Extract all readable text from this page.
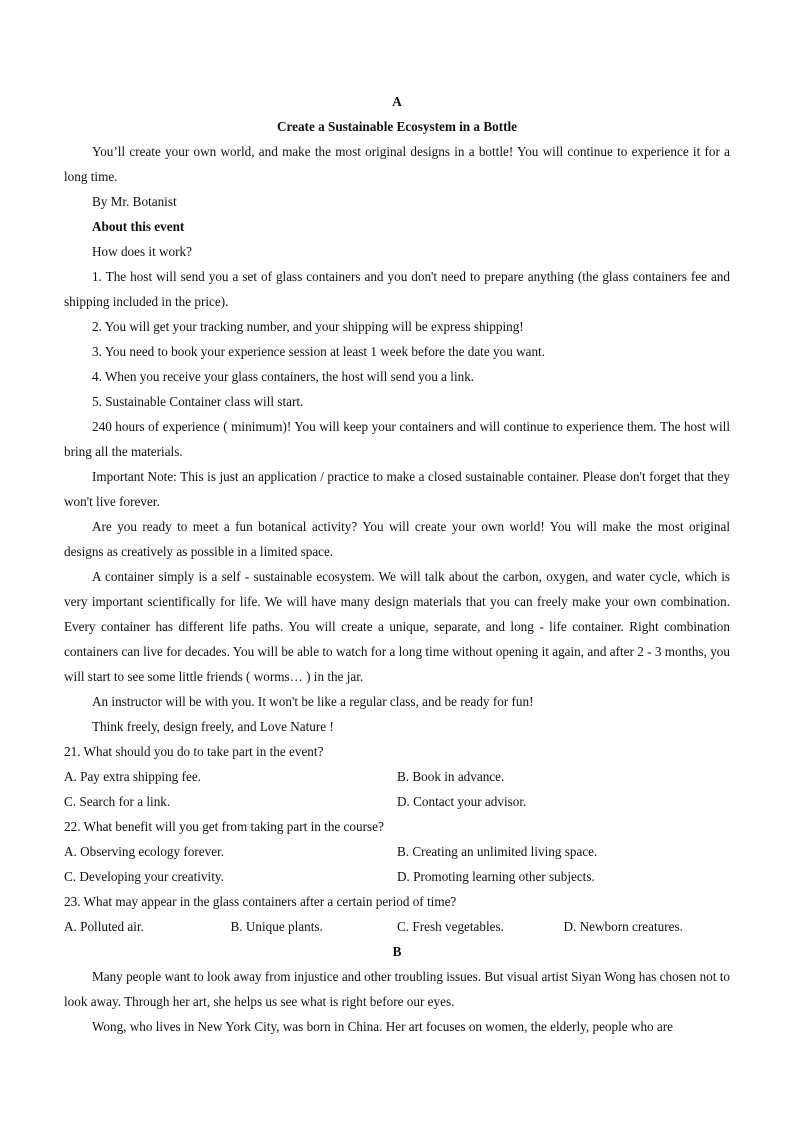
A

Create a Sustainable Ecosystem in a Bottle

You’ll create your own world, and make the most original designs in a bottle! You will continue to experience it for a long time.

By Mr. Botanist

About this event

How does it work?

1. The host will send you a set of glass containers and you don't need to prepare anything (the glass containers fee and shipping included in the price).

2. You will get your tracking number, and your shipping will be express shipping!

3. You need to book your experience session at least 1 week before the date you want.

4. When you receive your glass containers, the host will send you a link.

5. Sustainable Container class will start.

240 hours of experience ( minimum)! You will keep your containers and will continue to experience them. The host will bring all the materials.

Important Note: This is just an application / practice to make a closed sustainable container. Please don't forget that they won't live forever.

Are you ready to meet a fun botanical activity? You will create your own world! You will make the most original designs as creatively as possible in a limited space.

A container simply is a self - sustainable ecosystem. We will talk about the carbon, oxygen, and water cycle, which is very important scientifically for life. We will have many design materials that you can freely make your own combination. Every container has different life paths. You will create a unique, separate, and long - life container. Right combination containers can live for decades. You will be able to watch for a long time without opening it again, and after 2 - 3 months, you will start to see some little friends ( worms… ) in the jar.

An instructor will be with you. It won't be like a regular class, and be ready for fun!

Think freely, design freely, and Love Nature !

21. What should you do to take part in the event?

A. Pay extra shipping fee.	B. Book in advance.
C. Search for a link.	D. Contact your advisor.

22. What benefit will you get from taking part in the course?

A. Observing ecology forever.	B. Creating an unlimited living space.
C. Developing your creativity.	D. Promoting learning other subjects.

23. What may appear in the glass containers after a certain period of time?

A. Polluted air.	B. Unique plants.	C. Fresh vegetables.	D. Newborn creatures.

B

Many people want to look away from injustice and other troubling issues. But visual artist Siyan Wong has chosen not to look away. Through her art, she helps us see what is right before our eyes.

Wong, who lives in New York City, was born in China. Her art focuses on women, the elderly, people who are
